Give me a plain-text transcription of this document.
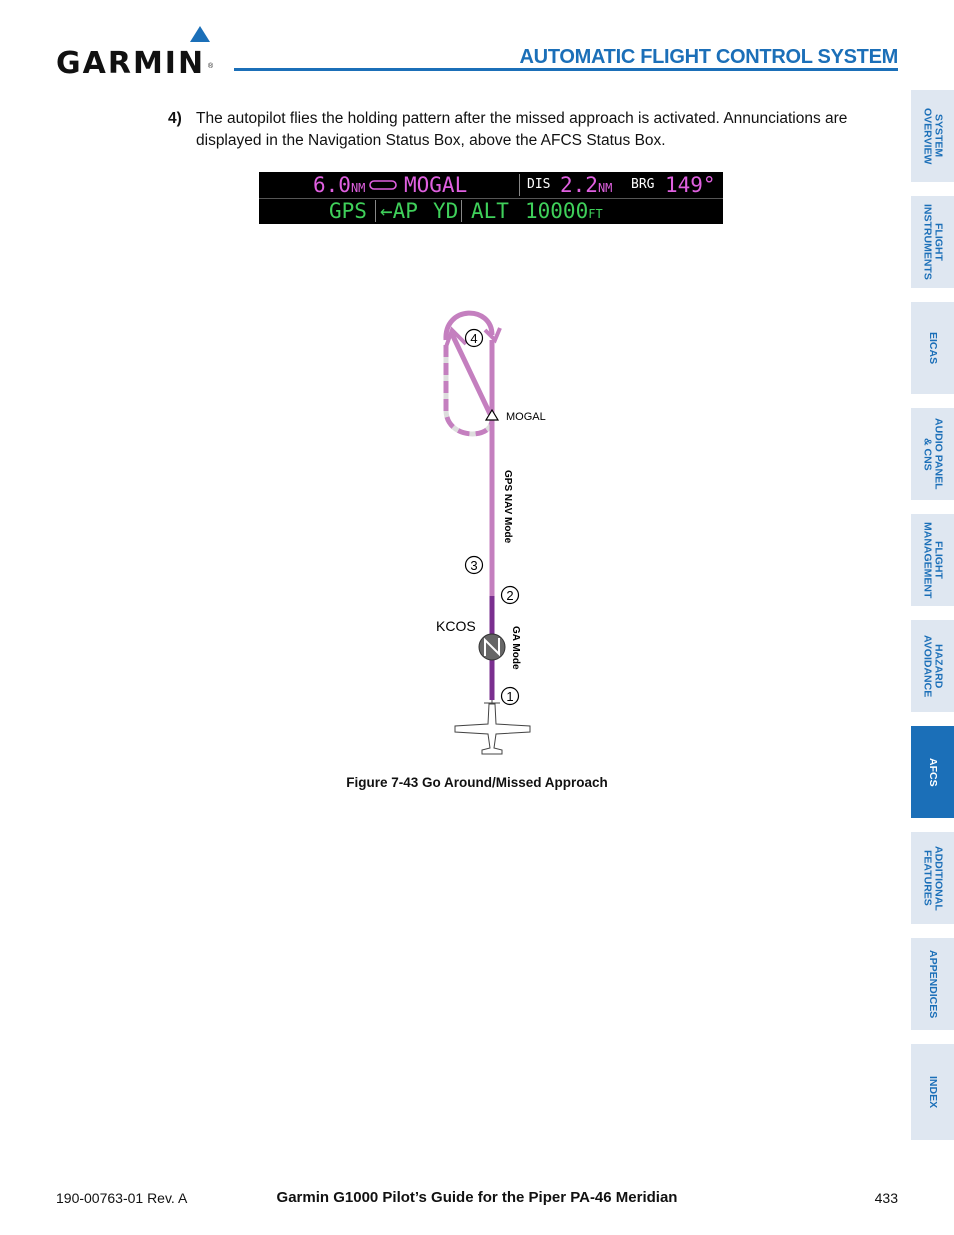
GARMIN ®	AUTOMATIC FLIGHT CONTROL SYSTEM
4) The autopilot flies the holding pattern after the missed approach is activated. Annunciations are displayed in the Navigation Status Box, above the AFCS Status Box.
6.0NM MOGAL	DIS 2.2NM BRG 149°
GPS ←AP YD ALT 10000FT
MOGAL
GPS NAV Mode
GA Mode
KCOS
4
3
2
1
Figure 7-43 Go Around/Missed Approach
SYSTEM
OVERVIEW
FLIGHT
INSTRUMENTS
EICAS
AUDIO PANEL
& CNS
FLIGHT
MANAGEMENT
HAZARD
AVOIDANCE
AFCS
ADDITIONAL
FEATURES
APPENDICES
INDEX
190-00763-01 Rev. A	Garmin G1000 Pilot’s Guide for the Piper PA-46 Meridian	433
